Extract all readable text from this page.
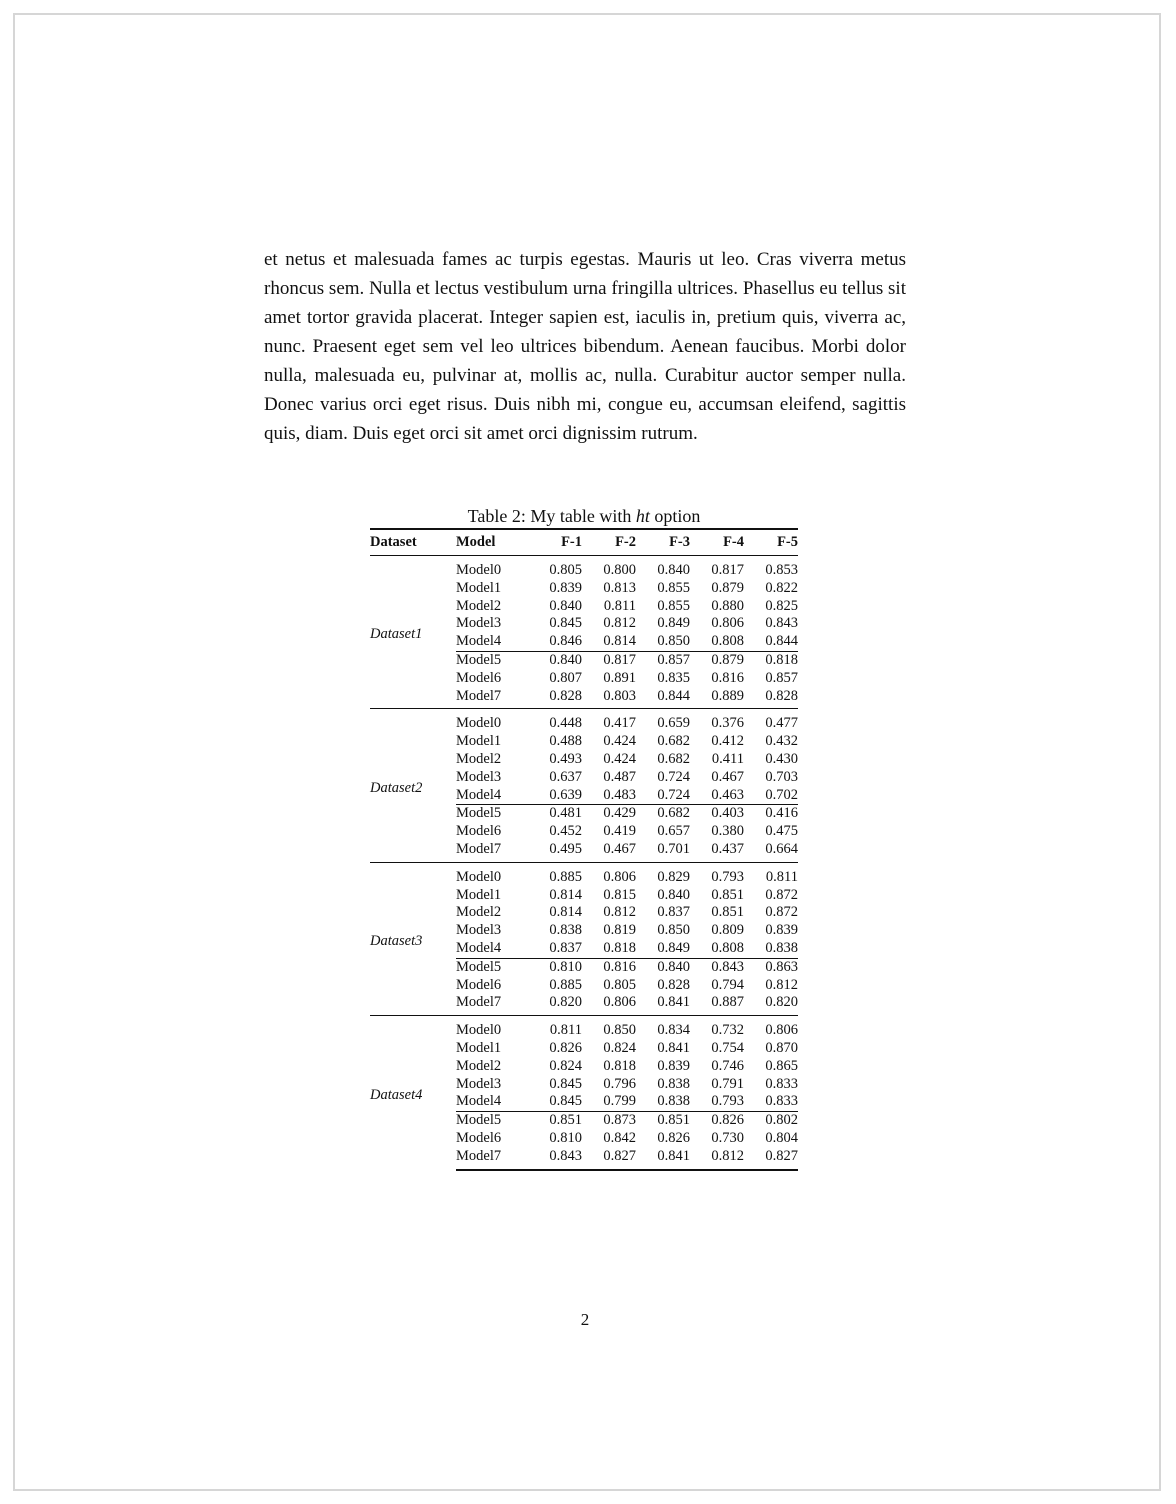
et netus et malesuada fames ac turpis egestas. Mauris ut leo. Cras viverra metus rhoncus sem. Nulla et lectus vestibulum urna fringilla ultrices. Phasellus eu tellus sit amet tortor gravida placerat. Integer sapien est, iaculis in, pretium quis, viverra ac, nunc. Praesent eget sem vel leo ultrices bibendum. Aenean faucibus. Morbi dolor nulla, malesuada eu, pulvinar at, mollis ac, nulla. Curabitur auctor semper nulla. Donec varius orci eget risus. Duis nibh mi, congue eu, accumsan eleifend, sagittis quis, diam. Duis eget orci sit amet orci dignissim rutrum.

Table 2: My table with ht option
Dataset	Model	F-1	F-2	F-3	F-4	F-5
Dataset1	Model0	0.805	0.800	0.840	0.817	0.853
	Model1	0.839	0.813	0.855	0.879	0.822
	Model2	0.840	0.811	0.855	0.880	0.825
	Model3	0.845	0.812	0.849	0.806	0.843
	Model4	0.846	0.814	0.850	0.808	0.844
	Model5	0.840	0.817	0.857	0.879	0.818
	Model6	0.807	0.891	0.835	0.816	0.857
	Model7	0.828	0.803	0.844	0.889	0.828
Dataset2	Model0	0.448	0.417	0.659	0.376	0.477
	Model1	0.488	0.424	0.682	0.412	0.432
	Model2	0.493	0.424	0.682	0.411	0.430
	Model3	0.637	0.487	0.724	0.467	0.703
	Model4	0.639	0.483	0.724	0.463	0.702
	Model5	0.481	0.429	0.682	0.403	0.416
	Model6	0.452	0.419	0.657	0.380	0.475
	Model7	0.495	0.467	0.701	0.437	0.664
Dataset3	Model0	0.885	0.806	0.829	0.793	0.811
	Model1	0.814	0.815	0.840	0.851	0.872
	Model2	0.814	0.812	0.837	0.851	0.872
	Model3	0.838	0.819	0.850	0.809	0.839
	Model4	0.837	0.818	0.849	0.808	0.838
	Model5	0.810	0.816	0.840	0.843	0.863
	Model6	0.885	0.805	0.828	0.794	0.812
	Model7	0.820	0.806	0.841	0.887	0.820
Dataset4	Model0	0.811	0.850	0.834	0.732	0.806
	Model1	0.826	0.824	0.841	0.754	0.870
	Model2	0.824	0.818	0.839	0.746	0.865
	Model3	0.845	0.796	0.838	0.791	0.833
	Model4	0.845	0.799	0.838	0.793	0.833
	Model5	0.851	0.873	0.851	0.826	0.802
	Model6	0.810	0.842	0.826	0.730	0.804
	Model7	0.843	0.827	0.841	0.812	0.827
2
